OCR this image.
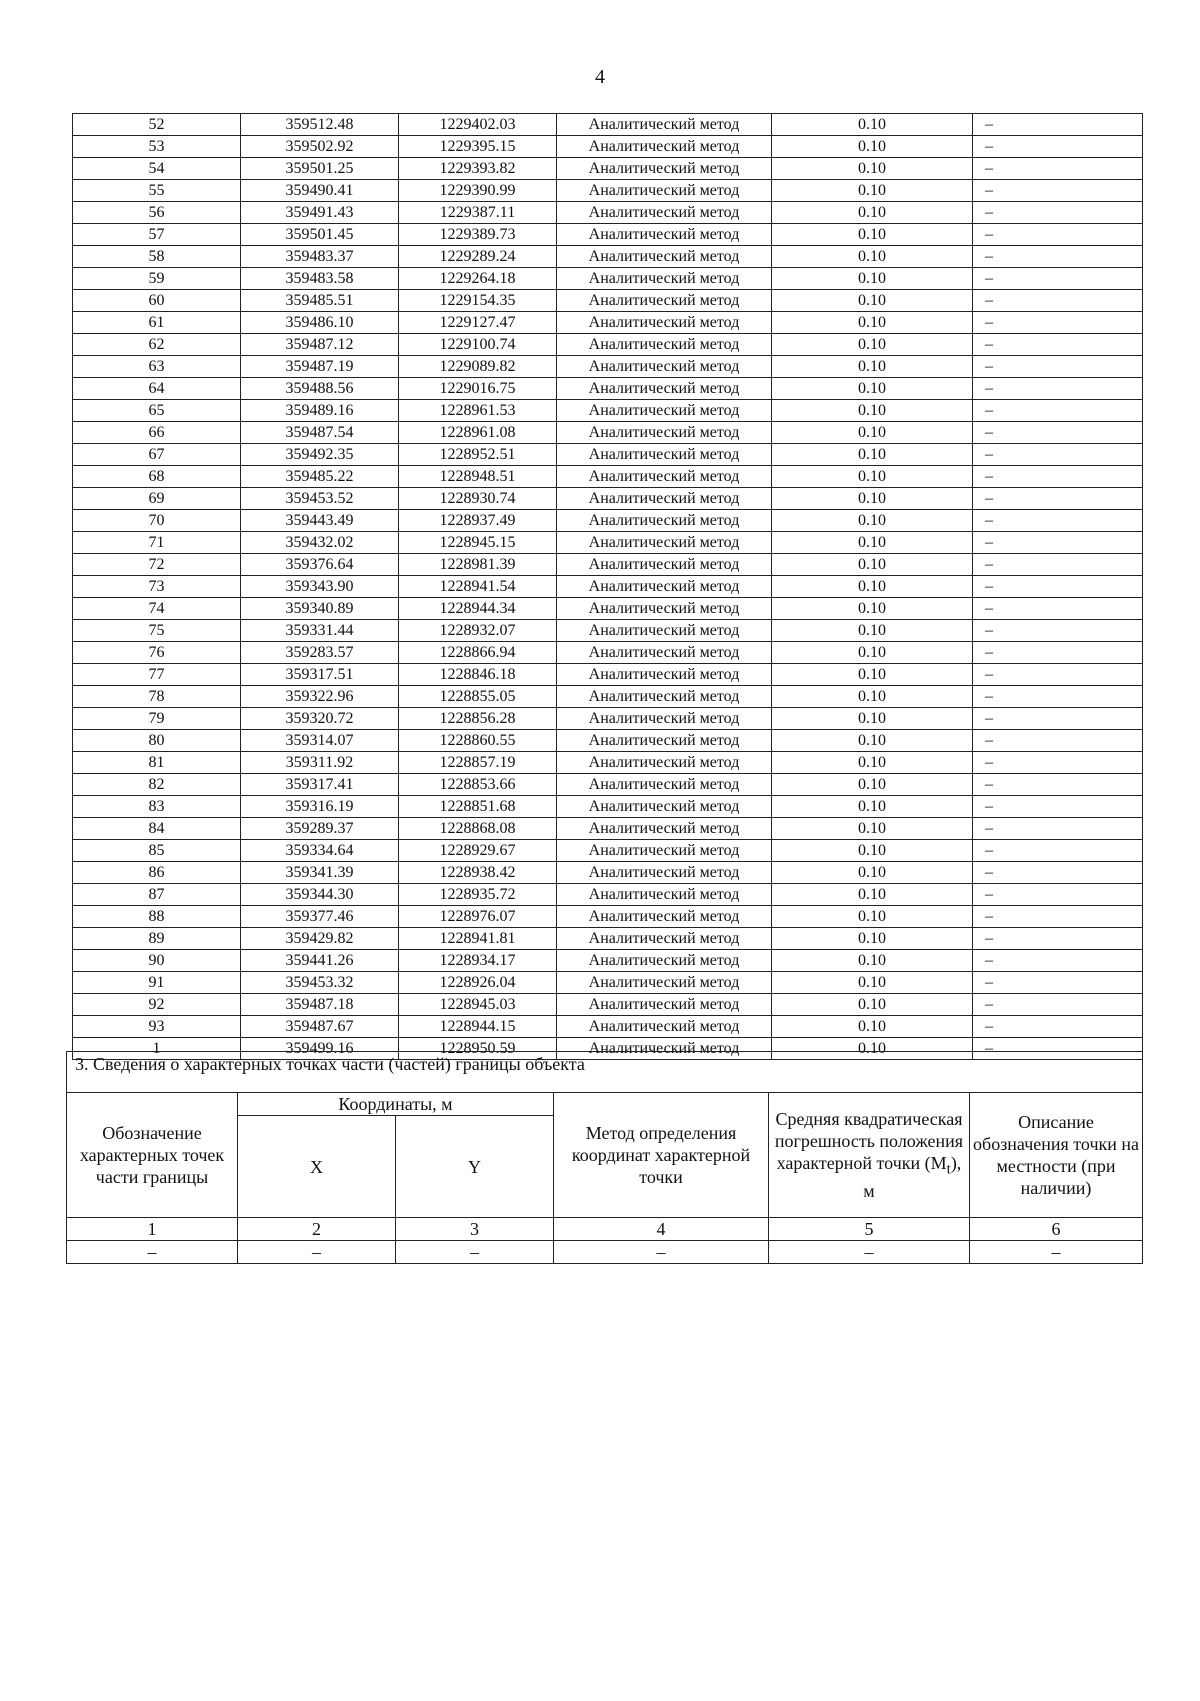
4
52	359512.48	1229402.03	Аналитический метод	0.10	–
53	359502.92	1229395.15	Аналитический метод	0.10	–
54	359501.25	1229393.82	Аналитический метод	0.10	–
55	359490.41	1229390.99	Аналитический метод	0.10	–
56	359491.43	1229387.11	Аналитический метод	0.10	–
57	359501.45	1229389.73	Аналитический метод	0.10	–
58	359483.37	1229289.24	Аналитический метод	0.10	–
59	359483.58	1229264.18	Аналитический метод	0.10	–
60	359485.51	1229154.35	Аналитический метод	0.10	–
61	359486.10	1229127.47	Аналитический метод	0.10	–
62	359487.12	1229100.74	Аналитический метод	0.10	–
63	359487.19	1229089.82	Аналитический метод	0.10	–
64	359488.56	1229016.75	Аналитический метод	0.10	–
65	359489.16	1228961.53	Аналитический метод	0.10	–
66	359487.54	1228961.08	Аналитический метод	0.10	–
67	359492.35	1228952.51	Аналитический метод	0.10	–
68	359485.22	1228948.51	Аналитический метод	0.10	–
69	359453.52	1228930.74	Аналитический метод	0.10	–
70	359443.49	1228937.49	Аналитический метод	0.10	–
71	359432.02	1228945.15	Аналитический метод	0.10	–
72	359376.64	1228981.39	Аналитический метод	0.10	–
73	359343.90	1228941.54	Аналитический метод	0.10	–
74	359340.89	1228944.34	Аналитический метод	0.10	–
75	359331.44	1228932.07	Аналитический метод	0.10	–
76	359283.57	1228866.94	Аналитический метод	0.10	–
77	359317.51	1228846.18	Аналитический метод	0.10	–
78	359322.96	1228855.05	Аналитический метод	0.10	–
79	359320.72	1228856.28	Аналитический метод	0.10	–
80	359314.07	1228860.55	Аналитический метод	0.10	–
81	359311.92	1228857.19	Аналитический метод	0.10	–
82	359317.41	1228853.66	Аналитический метод	0.10	–
83	359316.19	1228851.68	Аналитический метод	0.10	–
84	359289.37	1228868.08	Аналитический метод	0.10	–
85	359334.64	1228929.67	Аналитический метод	0.10	–
86	359341.39	1228938.42	Аналитический метод	0.10	–
87	359344.30	1228935.72	Аналитический метод	0.10	–
88	359377.46	1228976.07	Аналитический метод	0.10	–
89	359429.82	1228941.81	Аналитический метод	0.10	–
90	359441.26	1228934.17	Аналитический метод	0.10	–
91	359453.32	1228926.04	Аналитический метод	0.10	–
92	359487.18	1228945.03	Аналитический метод	0.10	–
93	359487.67	1228944.15	Аналитический метод	0.10	–
1	359499.16	1228950.59	Аналитический метод	0.10	–
3. Сведения о характерных точках части (частей) границы объекта					
Обозначение характерных точек части границы	Координаты, м		Метод определения координат характерной точки	Средняя квадратическая погрешность положения характерной точки $(M_t)$, м	Описание обозначения точки на местности (при наличии)
	X	Y			
1	2	3	4	5	6
–	–	–	–	–	–
